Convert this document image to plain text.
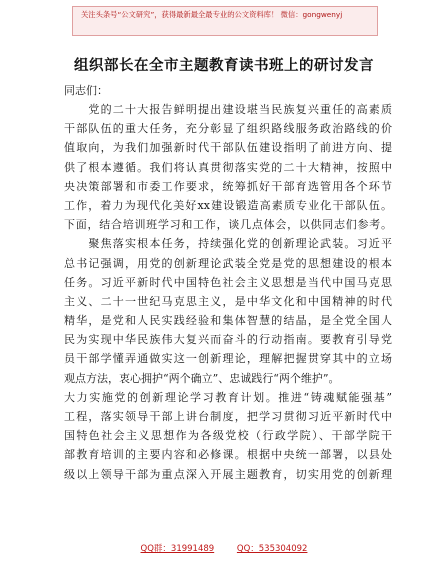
关注头条号“公文研究”，获得最新最全最专业的公文资料库！ 微信：gongwenyj
组织部长在全市主题教育读书班上的研讨发言
同志们：
　　党的二十大报告鲜明提出建设堪当民族复兴重任的高素质
干部队伍的重大任务，充分彰显了组织路线服务政治路线的价
值取向，为我们加强新时代干部队伍建设指明了前进方向、提
供了根本遵循。我们将认真贯彻落实党的二十大精神，按照中
央决策部署和市委工作要求，统筹抓好干部育选管用各个环节
工作，着力为现代化美好xx建设锻造高素质专业化干部队伍。
下面，结合培训班学习和工作，谈几点体会，以供同志们参考。
　　聚焦落实根本任务，持续强化党的创新理论武装。习近平
总书记强调，用党的创新理论武装全党是党的思想建设的根本
任务。习近平新时代中国特色社会主义思想是当代中国马克思
主义、二十一世纪马克思主义，是中华文化和中国精神的时代
精华，是党和人民实践经验和集体智慧的结晶，是全党全国人
民为实现中华民族伟大复兴而奋斗的行动指南。要教育引导党
员干部学懂弄通做实这一创新理论，理解把握贯穿其中的立场
观点方法，衷心拥护“两个确立”、忠诚践行“两个维护”。
大力实施党的创新理论学习教育计划。推进“铸魂赋能强基”
工程，落实领导干部上讲台制度，把学习贯彻习近平新时代中
国特色社会主义思想作为各级党校（行政学院）、干部学院干
部教育培训的主要内容和必修课。根据中央统一部署，以县处
级以上领导干部为重点深入开展主题教育，切实用党的创新理
QQ群：31991489	QQ：535304092
